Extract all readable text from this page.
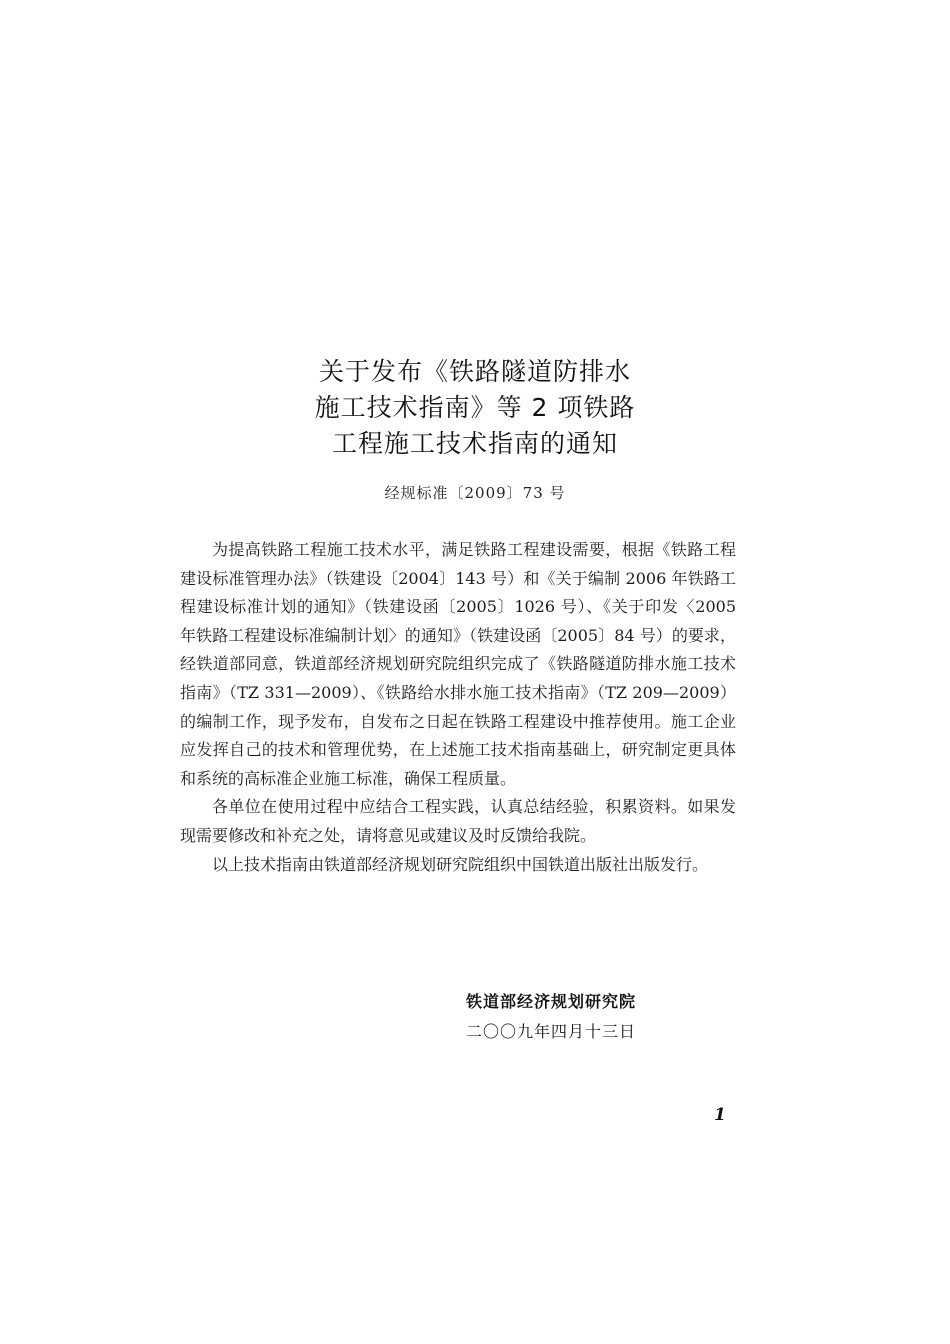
关于发布《铁路隧道防排水
施工技术指南》等 2 项铁路
工程施工技术指南的通知
经规标准〔2009〕73 号

为提高铁路工程施工技术水平，满足铁路工程建设需要，根据《铁路工程建设标准管理办法》（铁建设〔2004〕143 号）和《关于编制 2006 年铁路工程建设标准计划的通知》（铁建设函〔2005〕1026 号）、《关于印发〈2005 年铁路工程建设标准编制计划〉的通知》（铁建设函〔2005〕84 号）的要求，经铁道部同意，铁道部经济规划研究院组织完成了《铁路隧道防排水施工技术指南》（TZ 331—2009）、《铁路给水排水施工技术指南》（TZ 209—2009）的编制工作，现予发布，自发布之日起在铁路工程建设中推荐使用。施工企业应发挥自己的技术和管理优势，在上述施工技术指南基础上，研究制定更具体和系统的高标准企业施工标准，确保工程质量。

各单位在使用过程中应结合工程实践，认真总结经验，积累资料。如果发现需要修改和补充之处，请将意见或建议及时反馈给我院。

以上技术指南由铁道部经济规划研究院组织中国铁道出版社出版发行。

铁道部经济规划研究院
二〇〇九年四月十三日
1
